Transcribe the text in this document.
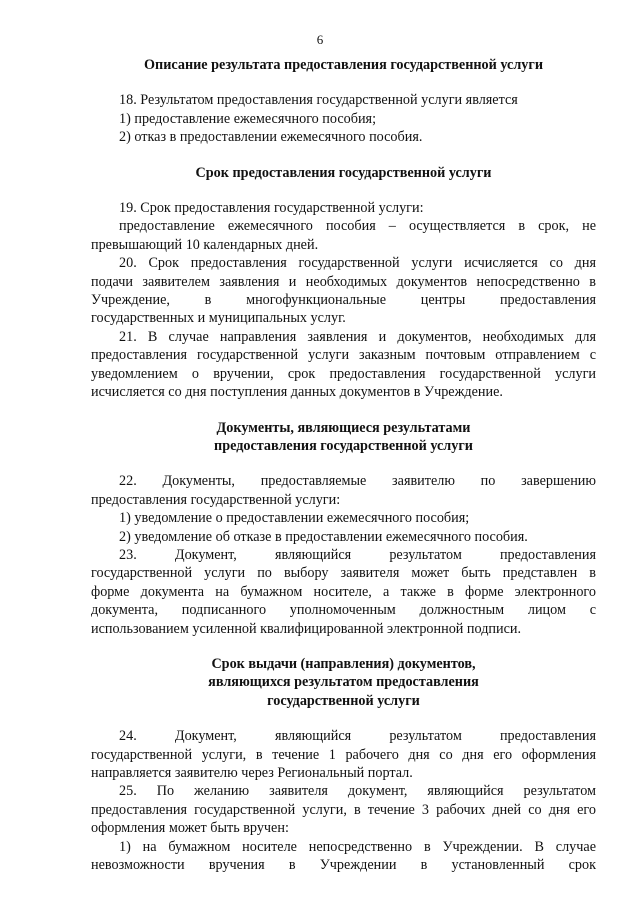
6

Описание результата предоставления государственной услуги

18. Результатом предоставления государственной услуги является
1) предоставление ежемесячного пособия;
2) отказ в предоставлении ежемесячного пособия.

Срок предоставления государственной услуги

19. Срок предоставления государственной услуги:
предоставление ежемесячного пособия – осуществляется в срок, не
превышающий 10 календарных дней.
20. Срок предоставления государственной услуги исчисляется со дня
подачи заявителем заявления и необходимых документов непосредственно в
Учреждение, в многофункциональные центры предоставления
государственных и муниципальных услуг.
21. В случае направления заявления и документов, необходимых для
предоставления государственной услуги заказным почтовым отправлением с
уведомлением о вручении, срок предоставления государственной услуги
исчисляется со дня поступления данных документов в Учреждение.

Документы, являющиеся результатами
предоставления государственной услуги

22. Документы, предоставляемые заявителю по завершению
предоставления государственной услуги:
1) уведомление о предоставлении ежемесячного пособия;
2) уведомление об отказе в предоставлении ежемесячного пособия.
23. Документ, являющийся результатом предоставления
государственной услуги по выбору заявителя может быть представлен в
форме документа на бумажном носителе, а также в форме электронного
документа, подписанного уполномоченным должностным лицом с
использованием усиленной квалифицированной электронной подписи.

Срок выдачи (направления) документов,
являющихся результатом предоставления
государственной услуги

24. Документ, являющийся результатом предоставления
государственной услуги, в течение 1 рабочего дня со дня его оформления
направляется заявителю через Региональный портал.
25. По желанию заявителя документ, являющийся результатом
предоставления государственной услуги, в течение 3 рабочих дней со дня его
оформления может быть вручен:
1) на бумажном носителе непосредственно в Учреждении. В случае
невозможности вручения в Учреждении в установленный срок
